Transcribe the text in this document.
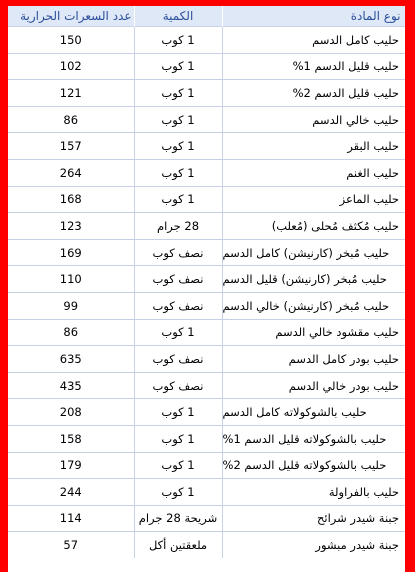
عدد السعرات الحرارية	الكمية	نوع المادة
150	1 كوب	حليب كامل الدسم
102	1 كوب	حليب قليل الدسم 1%
121	1 كوب	حليب قليل الدسم 2%
86	1 كوب	حليب خالي الدسم
157	1 كوب	حليب البقر
264	1 كوب	حليب الغنم
168	1 كوب	حليب الماعز
123	28 جرام	حليب مُكثف مُحلى (مُعلب)
169	نصف كوب	حليب مُبخر (كارنيشن) كامل الدسم
110	نصف كوب	حليب مُبخر (كارنيشن) قليل الدسم
99	نصف كوب	حليب مُبخر (كارنيشن) خالي الدسم
86	1 كوب	حليب مقشود خالي الدسم
635	نصف كوب	حليب بودر كامل الدسم
435	نصف كوب	حليب بودر خالي الدسم
208	1 كوب	حليب بالشوكولاته كامل الدسم
158	1 كوب	حليب بالشوكولاته قليل الدسم 1%
179	1 كوب	حليب بالشوكولاته قليل الدسم 2%
244	1 كوب	حليب بالفراولة
114	شريحة 28 جرام	جبنة شيدر شرائح
57	ملعقتين أكل	جبنة شيدر مبشور
